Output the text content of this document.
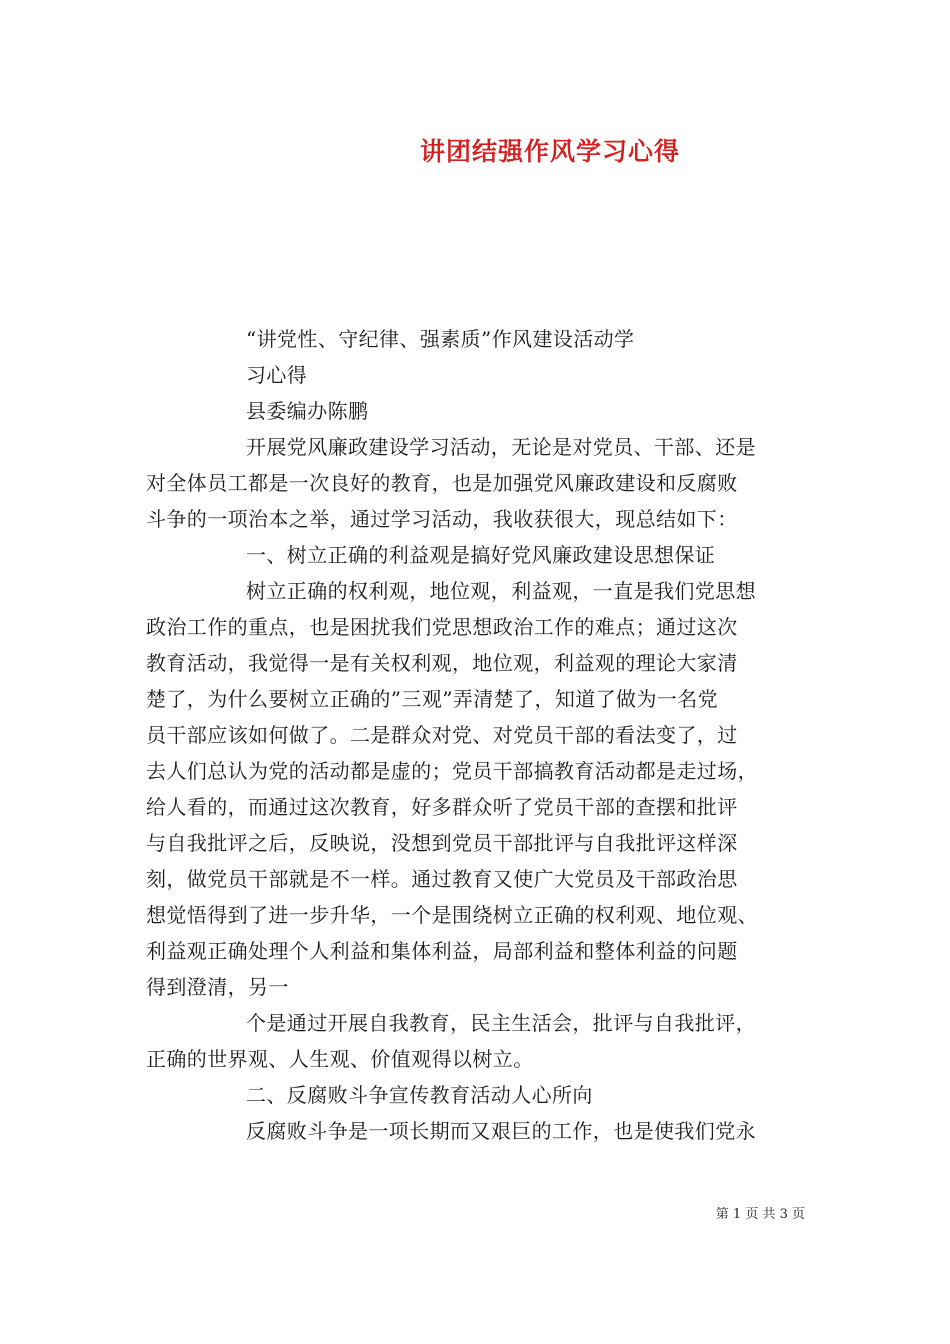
讲团结强作风学习心得
“讲党性、守纪律、强素质”作风建设活动学
习心得
县委编办陈鹏
开展党风廉政建设学习活动，无论是对党员、干部、还是
对全体员工都是一次良好的教育，也是加强党风廉政建设和反腐败
斗争的一项治本之举，通过学习活动，我收获很大，现总结如下：
一、树立正确的利益观是搞好党风廉政建设思想保证
树立正确的权利观，地位观，利益观，一直是我们党思想
政治工作的重点，也是困扰我们党思想政治工作的难点；通过这次
教育活动，我觉得一是有关权利观，地位观，利益观的理论大家清
楚了，为什么要树立正确的”三观”弄清楚了，知道了做为一名党
员干部应该如何做了。二是群众对党、对党员干部的看法变了，过
去人们总认为党的活动都是虚的；党员干部搞教育活动都是走过场，
给人看的，而通过这次教育，好多群众听了党员干部的查摆和批评
与自我批评之后，反映说，没想到党员干部批评与自我批评这样深
刻，做党员干部就是不一样。通过教育又使广大党员及干部政治思
想觉悟得到了进一步升华，一个是围绕树立正确的权利观、地位观、
利益观正确处理个人利益和集体利益，局部利益和整体利益的问题
得到澄清，另一
个是通过开展自我教育，民主生活会，批评与自我批评，
正确的世界观、人生观、价值观得以树立。
二、反腐败斗争宣传教育活动人心所向
反腐败斗争是一项长期而又艰巨的工作，也是使我们党永
第 1 页 共 3 页
